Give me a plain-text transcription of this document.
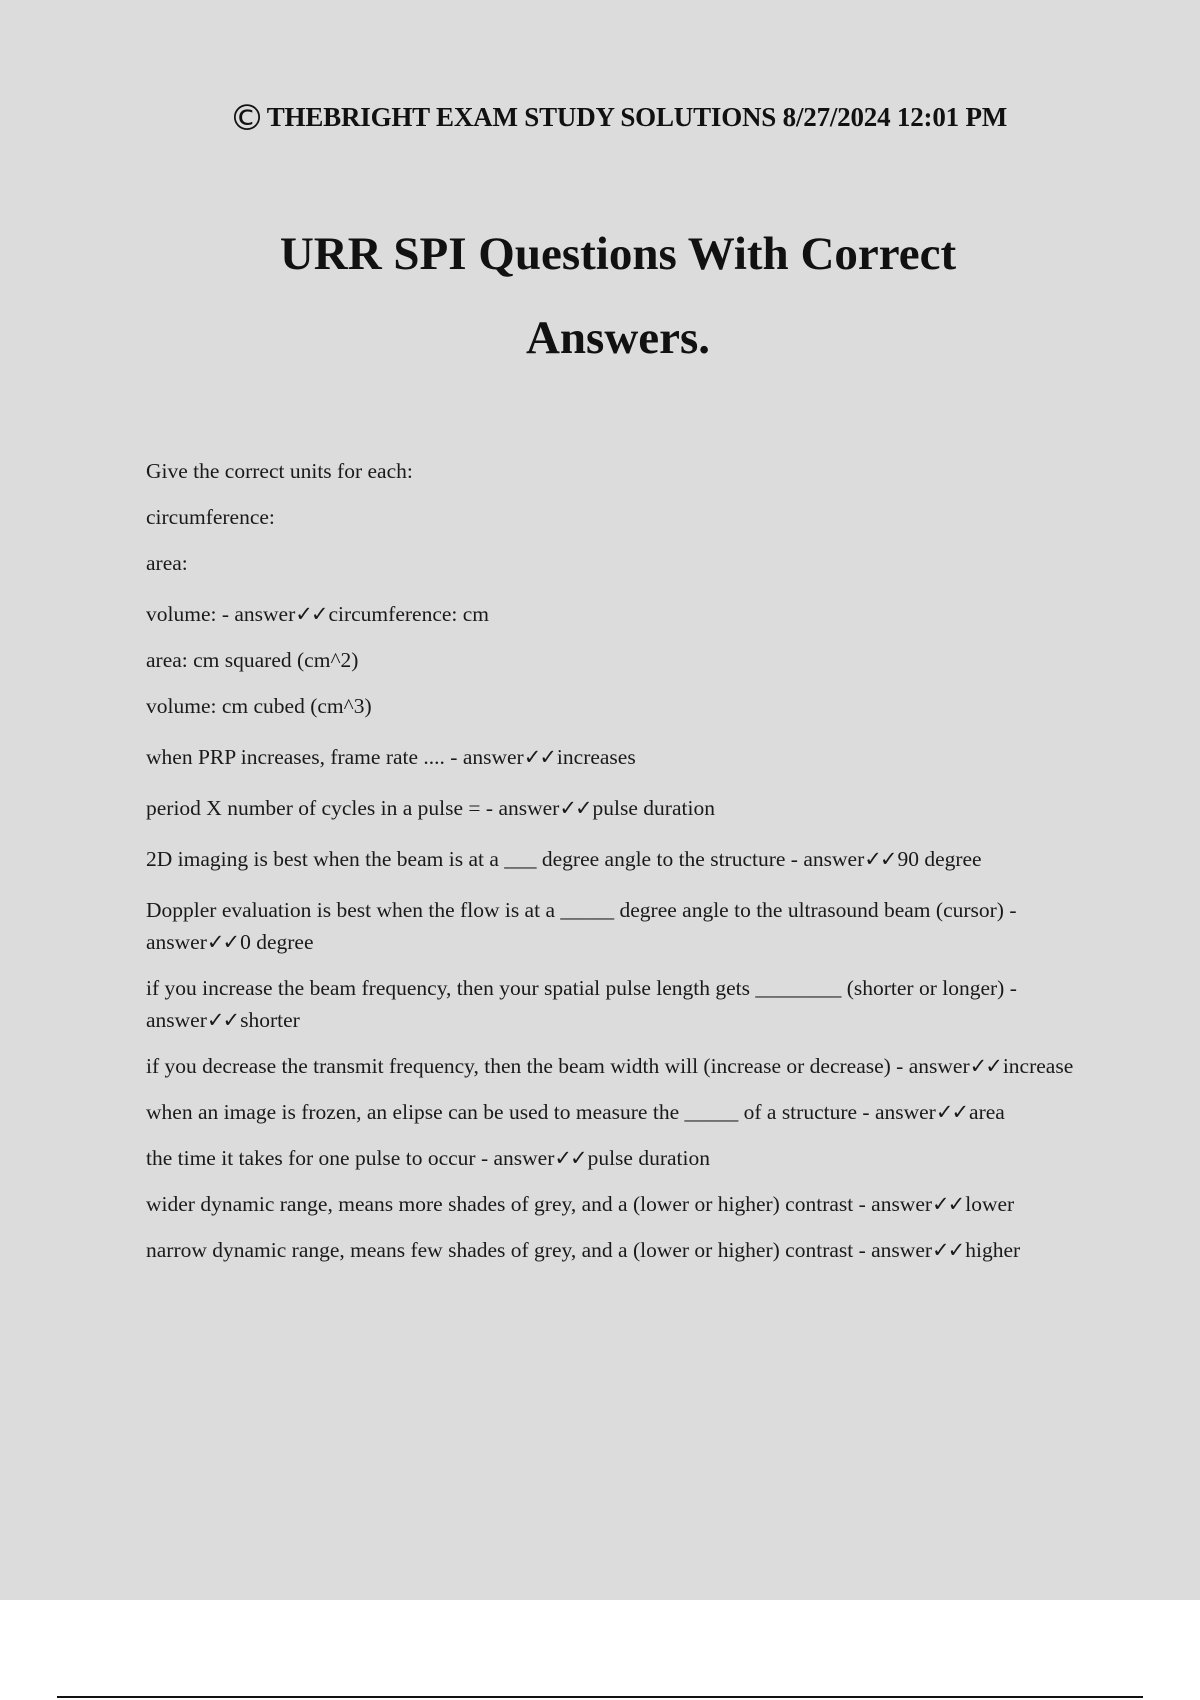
©THEBRIGHT EXAM STUDY SOLUTIONS 8/27/2024 12:01 PM
URR SPI Questions With Correct
Answers.
Give the correct units for each:
circumference:
area:
volume: - answer✓✓circumference: cm
area: cm squared (cm^2)
volume: cm cubed (cm^3)
when PRP increases, frame rate .... - answer✓✓increases
period X number of cycles in a pulse = - answer✓✓pulse duration
2D imaging is best when the beam is at a ___ degree angle to the structure - answer✓✓90 degree
Doppler evaluation is best when the flow is at a _____ degree angle to the ultrasound beam (cursor) - answer✓✓0 degree
if you increase the beam frequency, then your spatial pulse length gets ________ (shorter or longer) - answer✓✓shorter
if you decrease the transmit frequency, then the beam width will (increase or decrease) - answer✓✓increase
when an image is frozen, an elipse can be used to measure the _____ of a structure - answer✓✓area
the time it takes for one pulse to occur - answer✓✓pulse duration
wider dynamic range, means more shades of grey, and a (lower or higher) contrast - answer✓✓lower
narrow dynamic range, means few shades of grey, and a (lower or higher) contrast - answer✓✓higher
